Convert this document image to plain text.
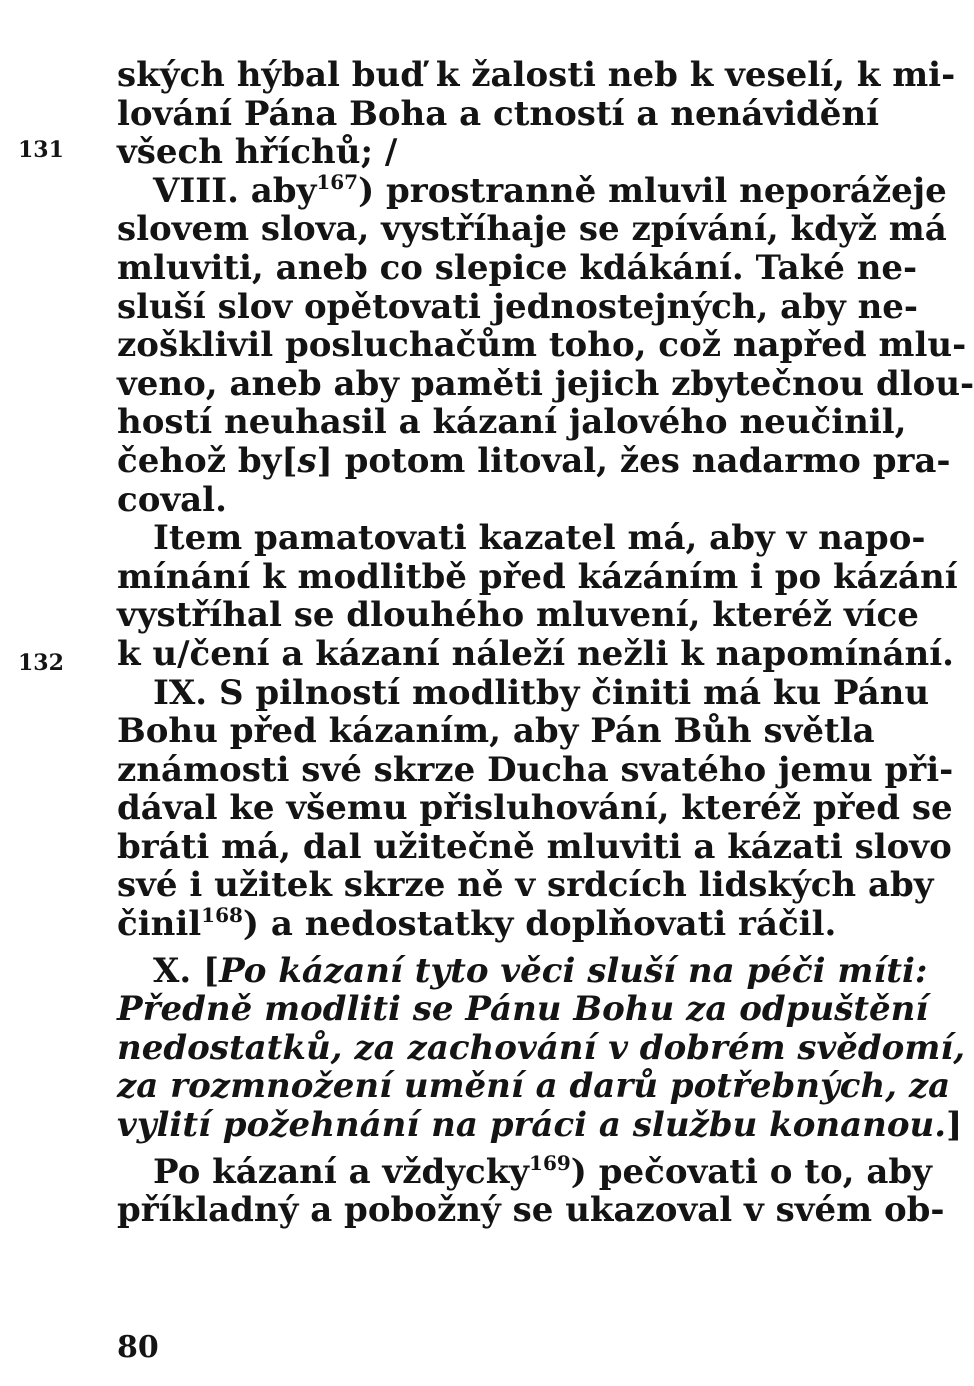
131
132
ských hýbal buď k žalosti neb k veselí, k mi-
lování Pána Boha a ctností a nenávidění
všech hříchů; /
VIII. aby$^{167}$) prostranně mluvil neporážeje
slovem slova, vystříhaje se zpívání, když má
mluviti, aneb co slepice kdákání. Také ne-
sluší slov opětovati jednostejných, aby ne-
zošklivil posluchačům toho, což napřed mlu-
veno, aneb aby paměti jejich zbytečnou dlou-
hostí neuhasil a kázaní jalového neučinil,
čehož by[s] potom litoval, žes nadarmo pra-
coval.
Item pamatovati kazatel má, aby v napo-
mínání k modlitbě před kázáním i po kázání
vystříhal se dlouhého mluvení, kteréž více
k u/čení a kázaní náleží nežli k napomínání.
IX. S pilností modlitby činiti má ku Pánu
Bohu před kázaním, aby Pán Bůh světla
známosti své skrze Ducha svatého jemu při-
dával ke všemu přisluhování, kteréž před se
bráti má, dal užitečně mluviti a kázati slovo
své i užitek skrze ně v srdcích lidských aby
činil$^{168}$) a nedostatky doplňovati ráčil.
X. [Po kázaní tyto věci sluší na péči míti:
Předně modliti se Pánu Bohu za odpuštění
nedostatků, za zachování v dobrém svědomí,
za rozmnožení umění a darů potřebných, za
vylití požehnání na práci a službu konanou.]
Po kázaní a vždycky$^{169}$) pečovati o to, aby
příkladný a pobožný se ukazoval v svém ob-
80
